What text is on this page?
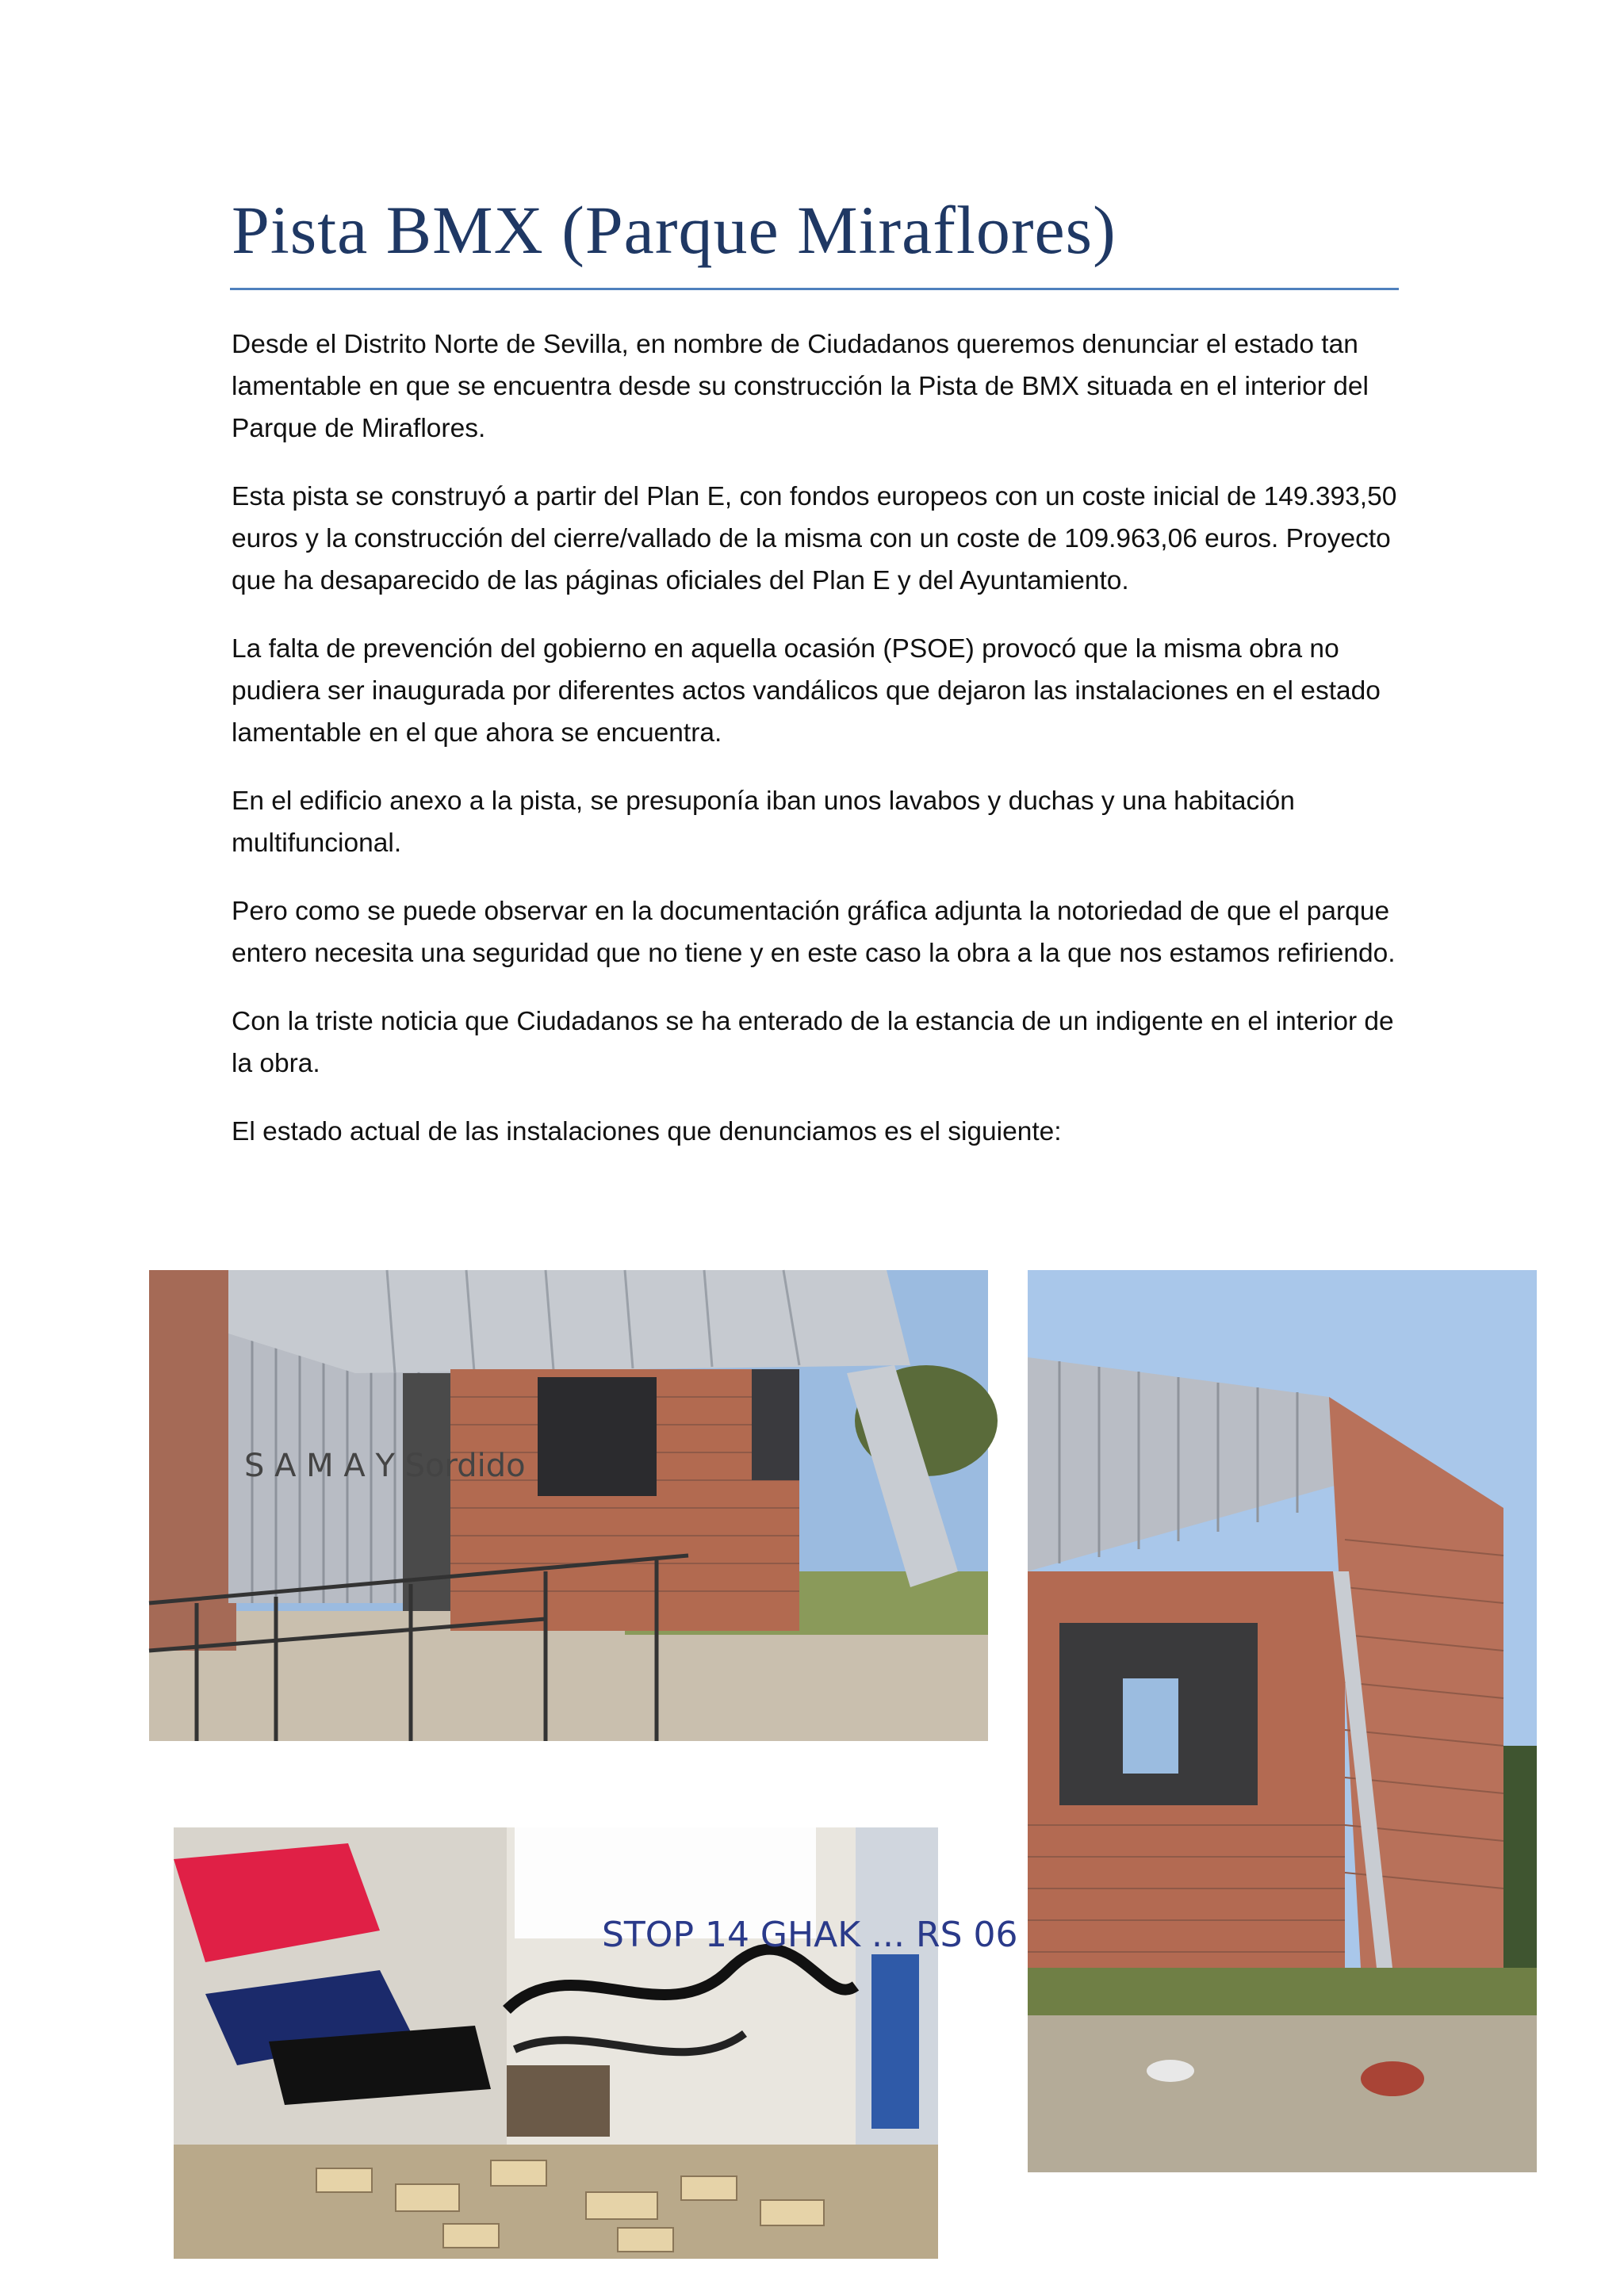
Pista BMX (Parque Miraflores)

Desde el Distrito Norte de Sevilla, en nombre de Ciudadanos queremos denunciar el estado tan lamentable en que se encuentra desde su construcción la Pista de BMX situada en el interior del Parque de Miraflores.

Esta pista se construyó a partir del Plan E, con fondos europeos con un coste inicial de 149.393,50 euros y la construcción del cierre/vallado de la misma con un coste de 109.963,06 euros. Proyecto que ha desaparecido de las páginas oficiales del Plan E y del Ayuntamiento.

La falta de prevención del gobierno en aquella ocasión (PSOE) provocó que la misma obra no pudiera ser inaugurada por diferentes actos vandálicos que dejaron las instalaciones en el estado lamentable en el que ahora se encuentra.

En el edificio anexo a la pista, se presuponía iban unos lavabos y duchas y una habitación multifuncional.

Pero como se puede observar en la documentación gráfica adjunta la notoriedad de que el parque entero necesita una seguridad que no tiene y en este caso la obra a la que nos estamos refiriendo.

Con la triste noticia que Ciudadanos se ha enterado de la estancia de un indigente en el interior de la obra.

El estado actual de las instalaciones que denunciamos es el siguiente:

S A M A Y Sordido
STOP 14 GHAK ... RS 06
